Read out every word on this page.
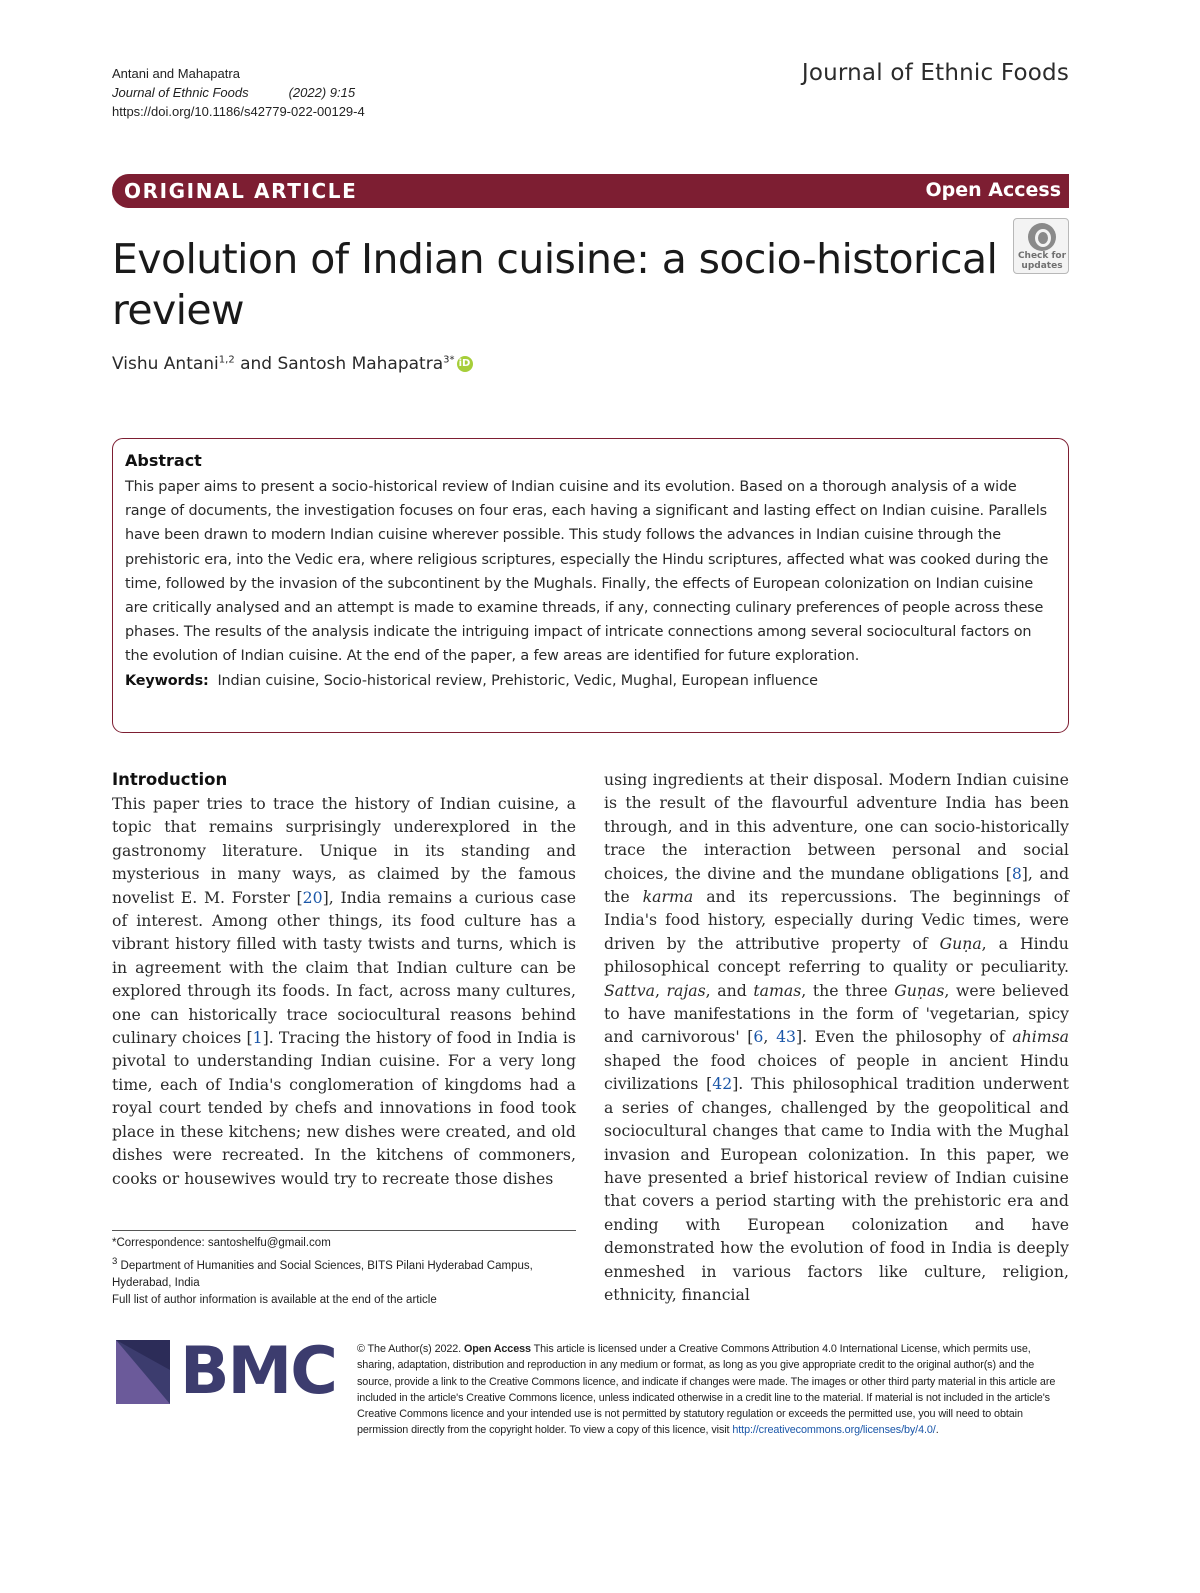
Antani and Mahapatra
Journal of Ethnic Foods	(2022) 9:15
https://doi.org/10.1186/s42779-022-00129-4
Journal of Ethnic Foods
ORIGINAL ARTICLE	Open Access
Evolution of Indian cuisine: a socio-historical review
Check for
updates
Vishu Antani$^{1,2}$ and Santosh Mahapatra$^{3*}$ iD
Abstract

This paper aims to present a socio-historical review of Indian cuisine and its evolution. Based on a thorough analysis of a wide range of documents, the investigation focuses on four eras, each having a significant and lasting effect on Indian cuisine. Parallels have been drawn to modern Indian cuisine wherever possible. This study follows the advances in Indian cuisine through the prehistoric era, into the Vedic era, where religious scriptures, especially the Hindu scriptures, affected what was cooked during the time, followed by the invasion of the subcontinent by the Mughals. Finally, the effects of European colonization on Indian cuisine are critically analysed and an attempt is made to examine threads, if any, connecting culinary preferences of people across these phases. The results of the analysis indicate the intriguing impact of intricate connections among several sociocultural factors on the evolution of Indian cuisine. At the end of the paper, a few areas are identified for future exploration.

Keywords: Indian cuisine, Socio-historical review, Prehistoric, Vedic, Mughal, European influence

Introduction
This paper tries to trace the history of Indian cuisine, a topic that remains surprisingly underexplored in the gastronomy literature. Unique in its standing and mysterious in many ways, as claimed by the famous novelist E. M. Forster [20], India remains a curious case of interest. Among other things, its food culture has a vibrant history filled with tasty twists and turns, which is in agreement with the claim that Indian culture can be explored through its foods. In fact, across many cultures, one can historically trace sociocultural reasons behind culinary choices [1]. Tracing the history of food in India is pivotal to understanding Indian cuisine. For a very long time, each of India's conglomeration of kingdoms had a royal court tended by chefs and innovations in food took place in these kitchens; new dishes were created, and old dishes were recreated. In the kitchens of commoners, cooks or housewives would try to recreate those dishes
using ingredients at their disposal. Modern Indian cuisine is the result of the flavourful adventure India has been through, and in this adventure, one can socio-historically trace the interaction between personal and social choices, the divine and the mundane obligations [8], and the karma and its repercussions. The beginnings of India's food history, especially during Vedic times, were driven by the attributive property of Guṇa, a Hindu philosophical concept referring to quality or peculiarity. Sattva, rajas, and tamas, the three Guṇas, were believed to have manifestations in the form of 'vegetarian, spicy and carnivorous' [6, 43]. Even the philosophy of ahimsa shaped the food choices of people in ancient Hindu civilizations [42]. This philosophical tradition underwent a series of changes, challenged by the geopolitical and sociocultural changes that came to India with the Mughal invasion and European colonization. In this paper, we have presented a brief historical review of Indian cuisine that covers a period starting with the prehistoric era and ending with European colonization and have demonstrated how the evolution of food in India is deeply enmeshed in various factors like culture, religion, ethnicity, financial
*Correspondence: santoshelfu@gmail.com
$^3$ Department of Humanities and Social Sciences, BITS Pilani Hyderabad Campus, Hyderabad, India
Full list of author information is available at the end of the article
BMC © The Author(s) 2022. Open Access This article is licensed under a Creative Commons Attribution 4.0 International License, which permits use, sharing, adaptation, distribution and reproduction in any medium or format, as long as you give appropriate credit to the original author(s) and the source, provide a link to the Creative Commons licence, and indicate if changes were made. The images or other third party material in this article are included in the article's Creative Commons licence, unless indicated otherwise in a credit line to the material. If material is not included in the article's Creative Commons licence and your intended use is not permitted by statutory regulation or exceeds the permitted use, you will need to obtain permission directly from the copyright holder. To view a copy of this licence, visit http://creativecommons.org/licenses/by/4.0/.
